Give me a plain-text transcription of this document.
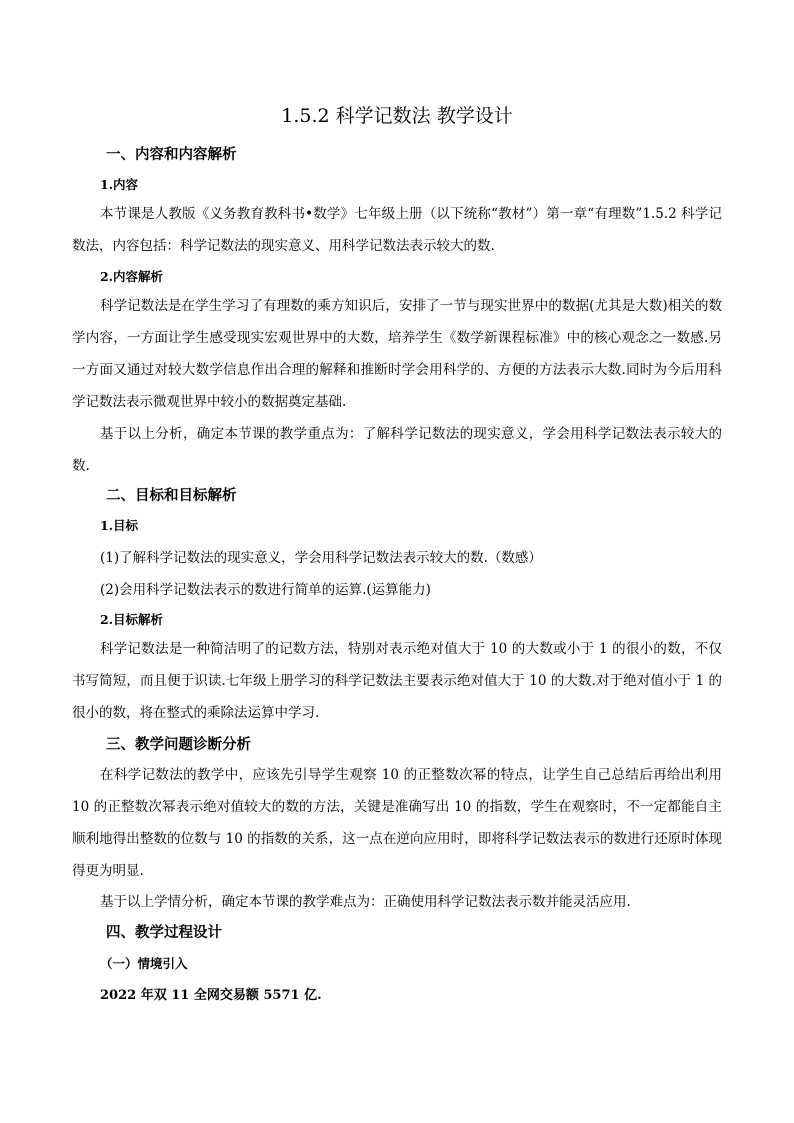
1.5.2 科学记数法 教学设计
一、内容和内容解析
1.内容

本节课是人教版《义务教育教科书•数学》七年级上册（以下统称“教材”）第一章“有理数”1.5.2 科学记数法，内容包括：科学记数法的现实意义、用科学记数法表示较大的数.

2.内容解析

科学记数法是在学生学习了有理数的乘方知识后，安排了一节与现实世界中的数据(尤其是大数)相关的数学内容，一方面让学生感受现实宏观世界中的大数，培养学生《数学新课程标准》中的核心观念之一数感.另一方面又通过对较大数学信息作出合理的解释和推断时学会用科学的、方便的方法表示大数.同时为今后用科学记数法表示微观世界中较小的数据奠定基础.

基于以上分析，确定本节课的教学重点为：了解科学记数法的现实意义，学会用科学记数法表示较大的数.

二、目标和目标解析
1.目标
(1)了解科学记数法的现实意义，学会用科学记数法表示较大的数.（数感）
(2)会用科学记数法表示的数进行简单的运算.(运算能力)
2.目标解析

科学记数法是一种简洁明了的记数方法，特别对表示绝对值大于 10 的大数或小于 1 的很小的数，不仅书写简短，而且便于识读.七年级上册学习的科学记数法主要表示绝对值大于 10 的大数.对于绝对值小于 1 的很小的数，将在整式的乘除法运算中学习.

三、教学问题诊断分析

在科学记数法的教学中，应该先引导学生观察 10 的正整数次幂的特点，让学生自己总结后再给出利用 10 的正整数次幂表示绝对值较大的数的方法，关键是准确写出 10 的指数，学生在观察时，不一定都能自主顺利地得出整数的位数与 10 的指数的关系，这一点在逆向应用时，即将科学记数法表示的数进行还原时体现得更为明显.

基于以上学情分析，确定本节课的教学难点为：正确使用科学记数法表示数并能灵活应用.

四、教学过程设计
（一）情境引入
2022 年双 11 全网交易额 5571 亿.
